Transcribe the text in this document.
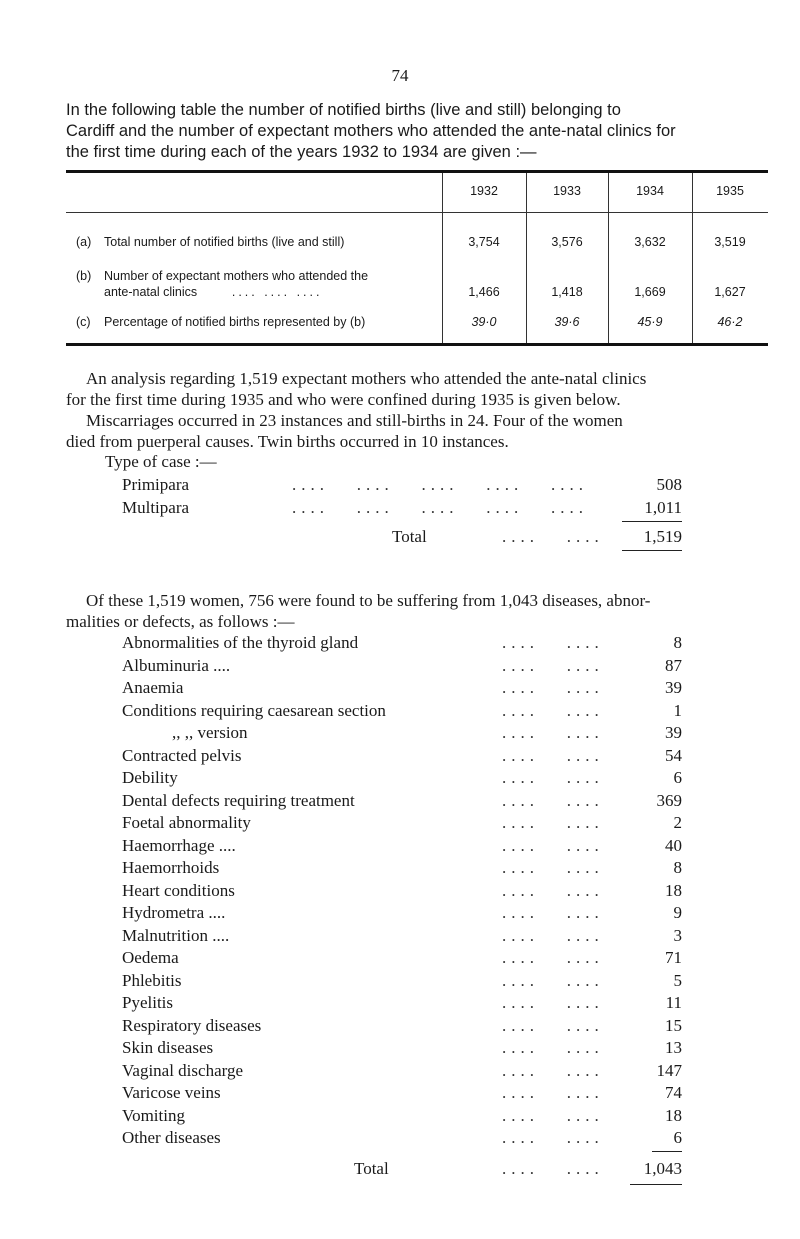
74

In the following table the number of notified births (live and still) belonging to

Cardiff and the number of expectant mothers who attended the ante-natal clinics for

the first time during each of the years 1932 to 1934 are given :—

1932	1933	1934	1935
(a) Total number of notified births (live and still)	3,754	3,576	3,632	3,519
(b) Number of expectant mothers who attended the
ante-natal clinics	.... .... ....	1,466	1,418	1,669	1,627
(c) Percentage of notified births represented by (b)	39·0	39·6	45·9	46·2

An analysis regarding 1,519 expectant mothers who attended the ante-natal clinics

for the first time during 1935 and who were confined during 1935 is given below.

Miscarriages occurred in 23 instances and still-births in 24. Four of the women

died from puerperal causes. Twin births occurred in 10 instances.

Type of case :—
Primipara	.... .... .... .... ....	508
Multipara	.... .... .... .... ....	1,011
Total	.... .... 1,519

Of these 1,519 women, 756 were found to be suffering from 1,043 diseases, abnor-

malities or defects, as follows :—

Abnormalities of the thyroid gland	.... ....	8
Albuminuria ....	.... ....	87
Anaemia	.... ....	39
Conditions requiring caesarean section	.... ....	1
,, ,, version	.... ....	39
Contracted pelvis	.... ....	54
Debility	.... ....	6
Dental defects requiring treatment	.... ....	369
Foetal abnormality	.... ....	2
Haemorrhage ....	.... ....	40
Haemorrhoids	.... ....	8
Heart conditions	.... ....	18
Hydrometra ....	.... ....	9
Malnutrition ....	.... ....	3
Oedema	.... ....	71
Phlebitis	.... ....	5
Pyelitis	.... ....	11
Respiratory diseases	.... ....	15
Skin diseases	.... ....	13
Vaginal discharge	.... ....	147
Varicose veins	.... ....	74
Vomiting	.... ....	18
Other diseases	.... ....	6
Total	.... .... 1,043
